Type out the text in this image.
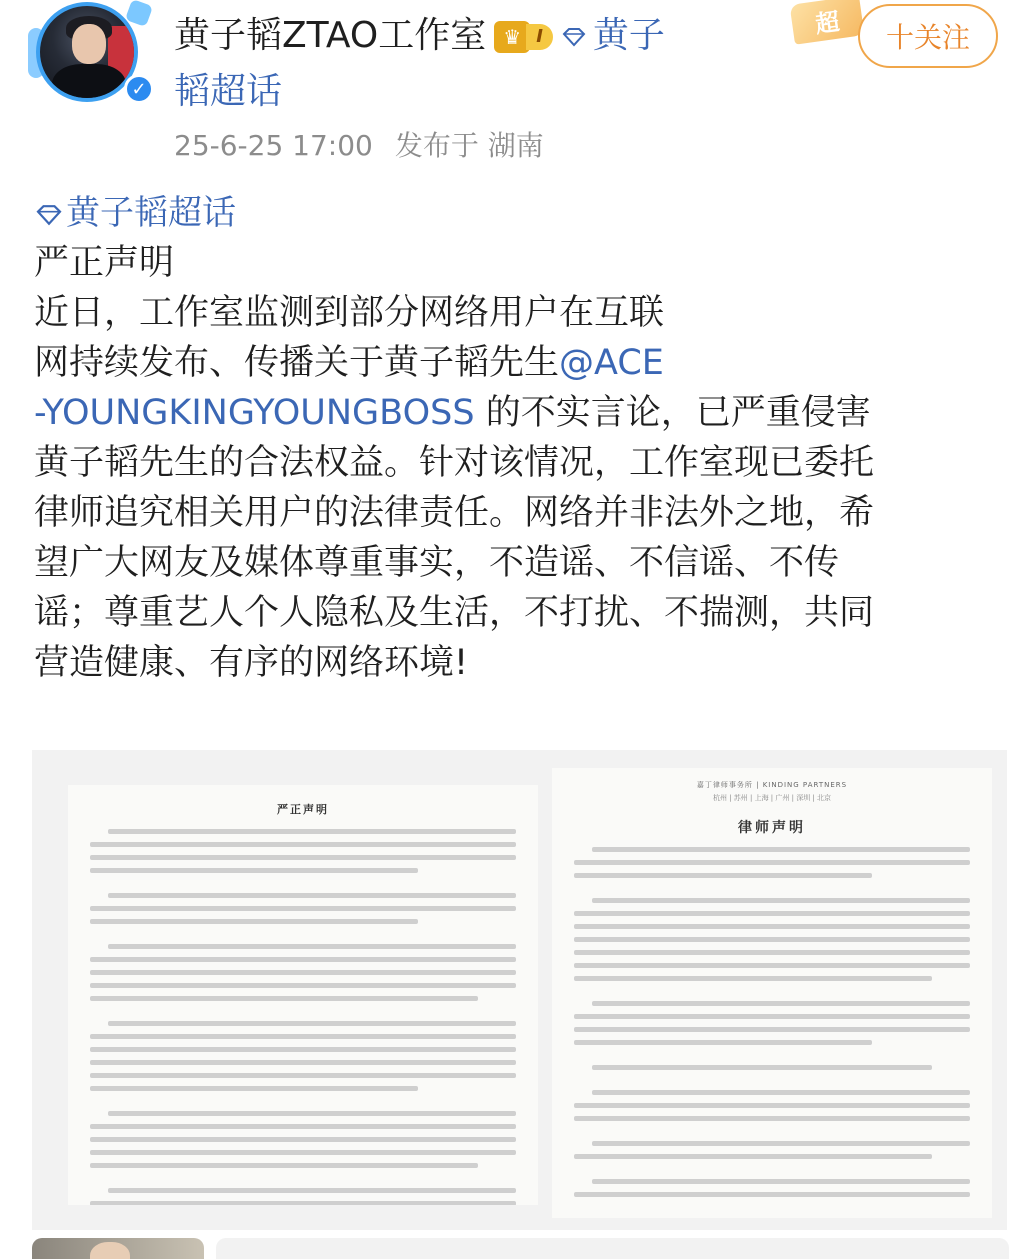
✓
黄子韬ZTAO工作室 ♛ I 黄子
韬超话
25-6-25 17:00 发布于 湖南
超	十关注

黄子韬超话

严正声明

近日，工作室监测到部分网络用户在互联

网持续发布、传播关于黄子韬先生@ACE

-YOUNGKINGYOUNGBOSS 的不实言论，已严重侵害

黄子韬先生的合法权益。针对该情况，工作室现已委托

律师追究相关用户的法律责任。网络并非法外之地，希

望广大网友及媒体尊重事实，不造谣、不信谣、不传

谣；尊重艺人个人隐私及生活，不打扰、不揣测，共同

营造健康、有序的网络环境!

严正声明
嘉丁律师事务所 | KINDING PARTNERS
杭州 | 苏州 | 上海 | 广州 | 深圳 | 北京
律师声明
